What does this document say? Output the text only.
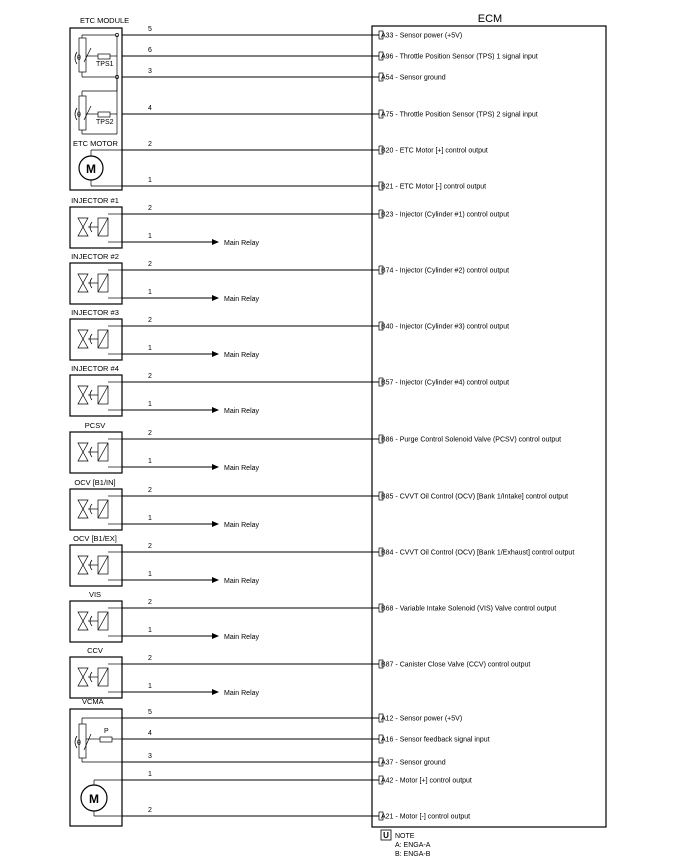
ECM
ETC MODULE
θ
TPS1
θ
TPS2
ETC MOTOR
M
5
A33 - Sensor power (+5V)
6
A96 - Throttle Position Sensor (TPS) 1 signal input
3
A54 - Sensor ground
4
A75 - Throttle Position Sensor (TPS) 2 signal input
2
B20 - ETC Motor [+] control output
1
B21 - ETC Motor [-] control output
INJECTOR #1
2
B23 - Injector (Cylinder #1) control output
1
Main Relay
INJECTOR #2
2
B74 - Injector (Cylinder #2) control output
1
Main Relay
INJECTOR #3
2
B40 - Injector (Cylinder #3) control output
1
Main Relay
INJECTOR #4
2
B57 - Injector (Cylinder #4) control output
1
Main Relay
PCSV
2
B86 - Purge Control Solenoid Valve (PCSV) control output
1
Main Relay
OCV [B1/IN]
2
B85 - CVVT Oil Control (OCV) [Bank 1/Intake] control output
1
Main Relay
OCV [B1/EX]
2
B84 - CVVT Oil Control (OCV) [Bank 1/Exhaust] control output
1
Main Relay
VIS
2
B68 - Variable Intake Solenoid (VIS) Valve control output
1
Main Relay
CCV
2
B87 - Canister Close Valve (CCV) control output
1
Main Relay
VCMA
θ
P
M
5
A12 - Sensor power (+5V)
4
A16 - Sensor feedback signal input
3
A37 - Sensor ground
1
A42 - Motor [+] control output
2
A21 - Motor [-] control output
U NOTE
A: ENGA-A
B: ENGA-B
